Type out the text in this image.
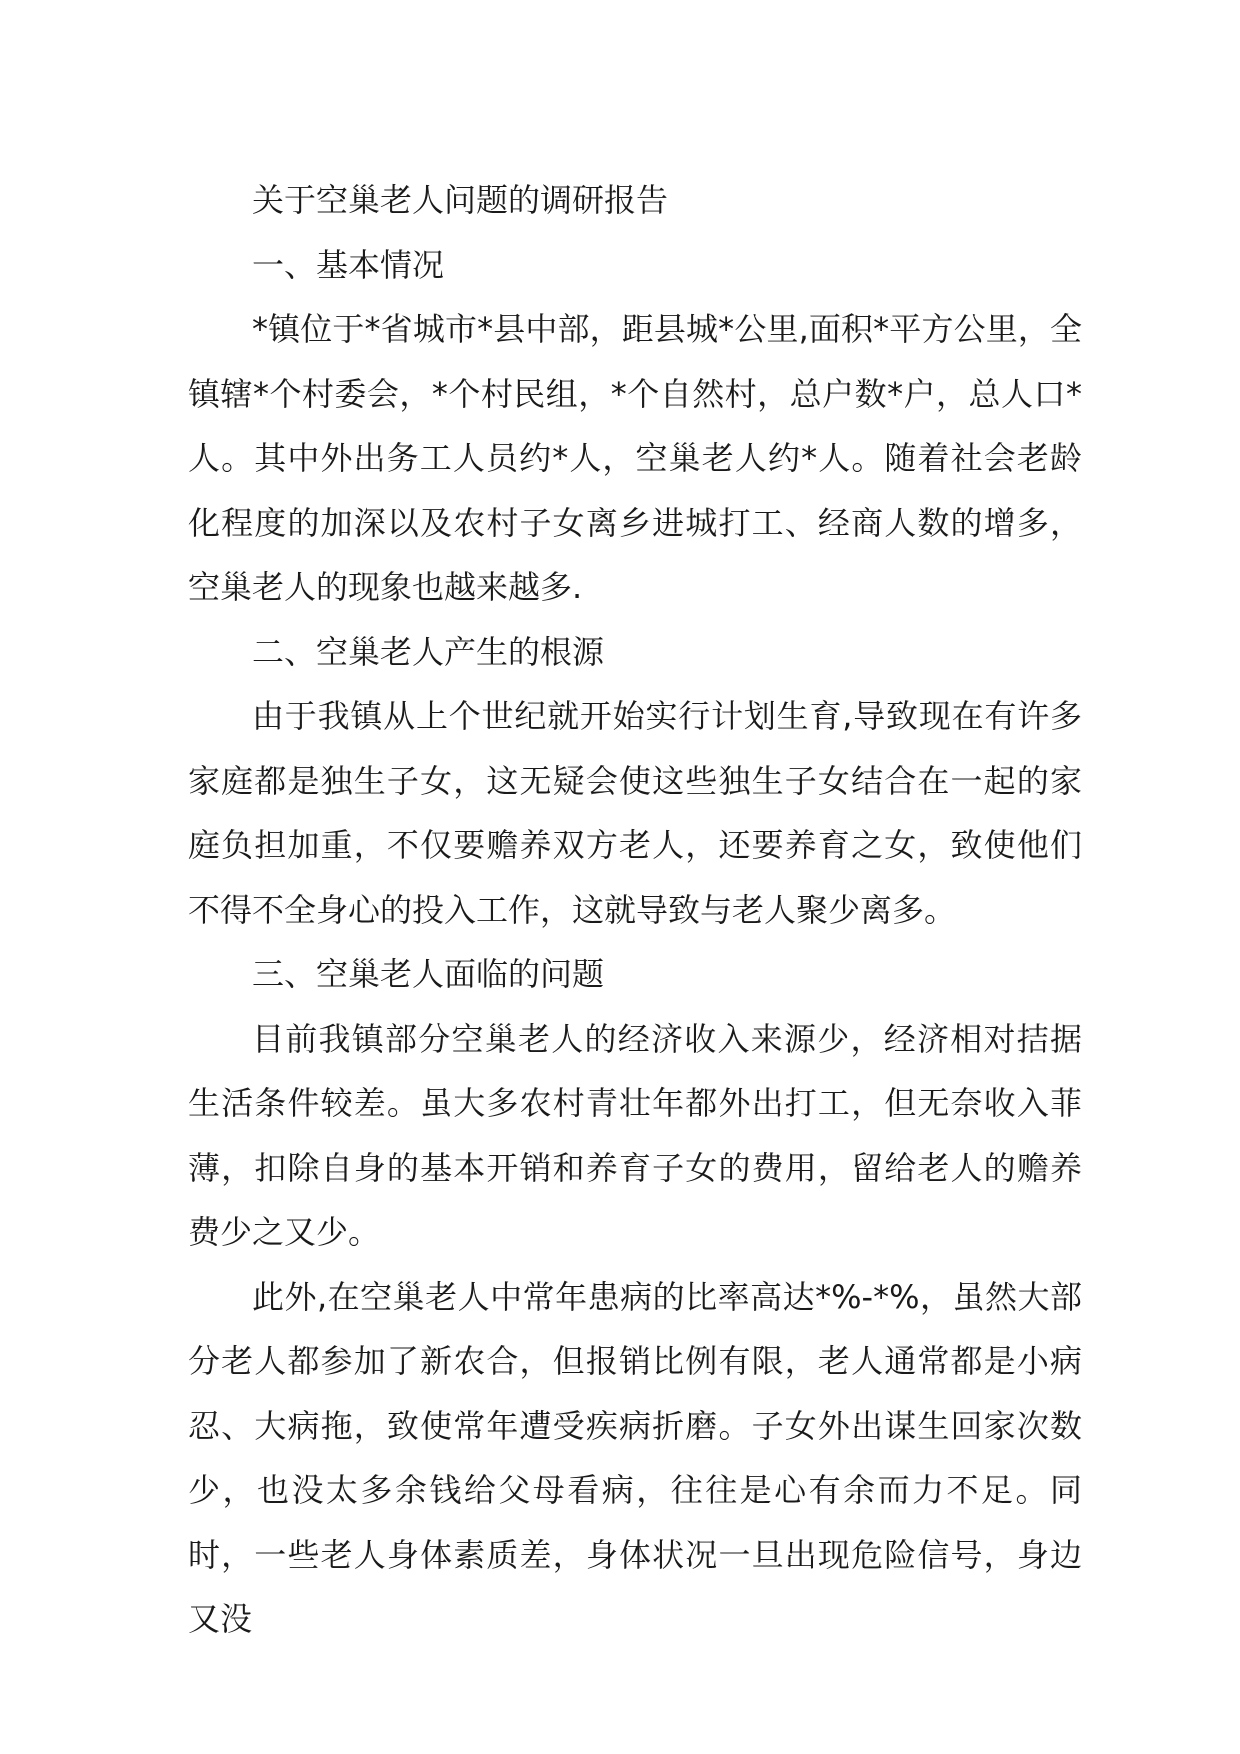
关于空巢老人问题的调研报告

一、基本情况

*镇位于*省城市*县中部，距县城*公里,面积*平方公里，全镇辖*个村委会，*个村民组，*个自然村，总户数*户，总人口*人。其中外出务工人员约*人，空巢老人约*人。随着社会老龄化程度的加深以及农村子女离乡进城打工、经商人数的增多，空巢老人的现象也越来越多.

二、空巢老人产生的根源

由于我镇从上个世纪就开始实行计划生育,导致现在有许多家庭都是独生子女，这无疑会使这些独生子女结合在一起的家庭负担加重，不仅要赡养双方老人，还要养育之女，致使他们不得不全身心的投入工作，这就导致与老人聚少离多。

三、空巢老人面临的问题

目前我镇部分空巢老人的经济收入来源少，经济相对拮据生活条件较差。虽大多农村青壮年都外出打工，但无奈收入菲薄，扣除自身的基本开销和养育子女的费用，留给老人的赡养费少之又少。

此外,在空巢老人中常年患病的比率高达*%-*%，虽然大部分老人都参加了新农合，但报销比例有限，老人通常都是小病忍、大病拖，致使常年遭受疾病折磨。子女外出谋生回家次数少，也没太多余钱给父母看病，往往是心有余而力不足。同时，一些老人身体素质差，身体状况一旦出现危险信号，身边又没
